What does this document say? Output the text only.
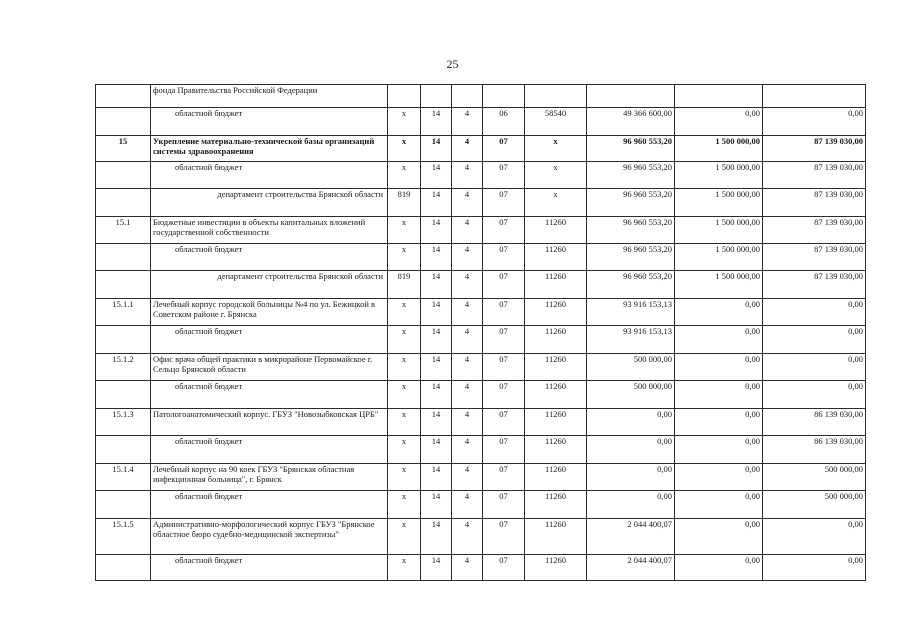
25
	фонда Правительства Российской Федерации								
	областной бюджет	х	14	4	06	58540	49 366 600,00	0,00	0,00
15	Укрепление материально-технической базы организаций системы здравоохранения	х	14	4	07	х	96 960 553,20	1 500 000,00	87 139 030,00
	областной бюджет	х	14	4	07	х	96 960 553,20	1 500 000,00	87 139 030,00
	департамент строительства Брянской области	819	14	4	07	х	96 960 553,20	1 500 000,00	87 139 030,00
15.1	Бюджетные инвестиции в объекты капитальных вложений государственной собственности	х	14	4	07	11260	96 960 553,20	1 500 000,00	87 139 030,00
	областной бюджет	х	14	4	07	11260	96 960 553,20	1 500 000,00	87 139 030,00
	департамент строительства Брянской области	819	14	4	07	11260	96 960 553,20	1 500 000,00	87 139 030,00
15.1.1	Лечебный корпус городской больницы №4 по ул. Бежицкой в Советском районе г. Брянска	х	14	4	07	11260	93 916 153,13	0,00	0,00
	областной бюджет	х	14	4	07	11260	93 916 153,13	0,00	0,00
15.1.2	Офис врача общей практики в микрорайоне Первомайское г. Сельцо Брянской области	х	14	4	07	11260	500 000,00	0,00	0,00
	областной бюджет	х	14	4	07	11260	500 000,00	0,00	0,00
15.1.3	Патологоанатомический корпус. ГБУЗ "Новозыбковская ЦРБ"	х	14	4	07	11260	0,00	0,00	86 139 030,00
	областной бюджет	х	14	4	07	11260	0,00	0,00	86 139 030,00
15.1.4	Лечебный корпус на 90 коек ГБУЗ "Брянская областная инфекционная больница", г. Брянск	х	14	4	07	11260	0,00	0,00	500 000,00
	областной бюджет	х	14	4	07	11260	0,00	0,00	500 000,00
15.1.5	Административно-морфологический корпус ГБУЗ "Брянское областное бюро судебно-медицинской экспертизы"	х	14	4	07	11260	2 044 400,07	0,00	0,00
	областной бюджет	х	14	4	07	11260	2 044 400,07	0,00	0,00
